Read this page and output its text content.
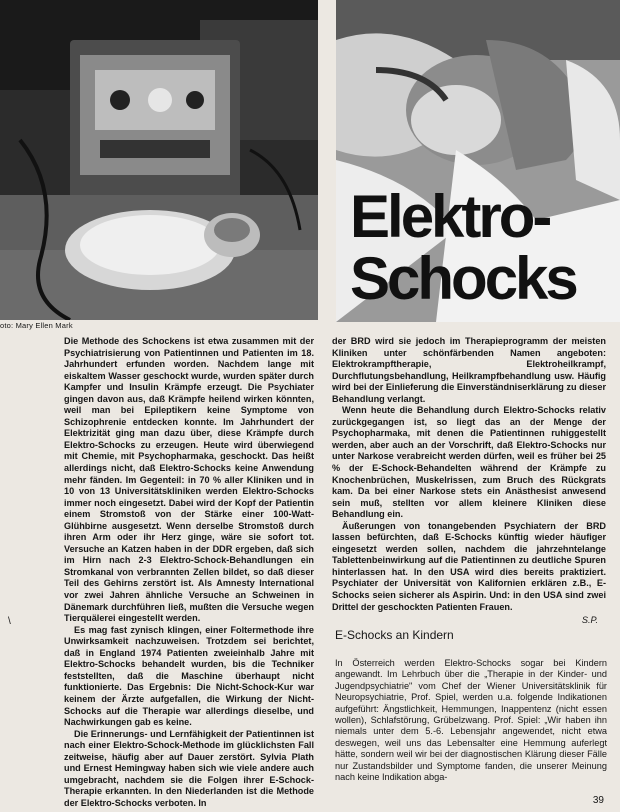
oto: Mary Ellen Mark
Elektro-
Schocks

Die Methode des Schockens ist etwa zusammen mit der Psychiatrisierung von Patientinnen und Patienten im 18. Jahrhundert erfunden worden. Nachdem lange mit eiskaltem Wasser geschockt wurde, wurden später durch Kampfer und Insulin Krämpfe erzeugt. Die Psychiater gingen davon aus, daß Krämpfe heilend wirken könnten, weil man bei Epileptikern keine Symptome von Schizophrenie entdecken konnte. Im Jahrhundert der Elektrizität ging man dazu über, diese Krämpfe durch Elektro-Schocks zu erzeugen. Heute wird überwiegend mit Chemie, mit Psychopharmaka, geschockt. Das heißt allerdings nicht, daß Elektro-Schocks keine Anwendung mehr fänden. Im Gegenteil: in 70 % aller Kliniken und in 10 von 13 Universitätskliniken werden Elektro-Schocks immer noch eingesetzt. Dabei wird der Kopf der Patientin einem Stromstoß von der Stärke einer 100-Watt-Glühbirne ausgesetzt. Wenn derselbe Stromstoß durch ihren Arm oder ihr Herz ginge, wäre sie sofort tot. Versuche an Katzen haben in der DDR ergeben, daß sich im Hirn nach 2-3 Elektro-Schock-Behandlungen ein Stromkanal von verbrannten Zellen bildet, so daß dieser Teil des Gehirns zerstört ist. Als Amnesty International vor zwei Jahren ähnliche Versuche an Schweinen in Dänemark durchführen ließ, mußten die Versuche wegen Tierquälerei eingestellt werden.

Es mag fast zynisch klingen, einer Foltermethode ihre Unwirksamkeit nachzuweisen. Trotzdem sei berichtet, daß in England 1974 Patienten zweieinhalb Jahre mit Elektro-Schocks behandelt wurden, bis die Techniker feststellten, daß die Maschine überhaupt nicht funktionierte. Das Ergebnis: Die Nicht-Schock-Kur war keinem der Ärzte aufgefallen, die Wirkung der Nicht-Schocks auf die Therapie war allerdings dieselbe, und Nachwirkungen gab es keine.

Die Erinnerungs- und Lernfähigkeit der Patientinnen ist nach einer Elektro-Schock-Methode im glücklichsten Fall zeitweise, häufig aber auf Dauer zerstört. Sylvia Plath und Ernest Hemingway haben sich wie viele andere auch umgebracht, nachdem sie die Folgen ihrer E-Schock-Therapie erkannten. In den Niederlanden ist die Methode der Elektro-Schocks verboten. In

\

der BRD wird sie jedoch im Therapieprogramm der meisten Kliniken unter schönfärbenden Namen angeboten: Elektrokrampftherapie, Elektroheilkrampf, Durchflutungsbehandlung, Heilkrampfbehandlung usw. Häufig wird bei der Einlieferung die Einverständniserklärung zu dieser Behandlung verlangt.

Wenn heute die Behandlung durch Elektro-Schocks relativ zurückgegangen ist, so liegt das an der Menge der Psychopharmaka, mit denen die Patientinnen ruhiggestellt werden, aber auch an der Vorschrift, daß Elektro-Schocks nur unter Narkose verabreicht werden dürfen, weil es früher bei 25 % der E-Schock-Behandelten während der Krämpfe zu Knochenbrüchen, Muskelrissen, zum Bruch des Rückgrats kam. Da bei einer Narkose stets ein Anästhesist anwesend sein muß, stellten vor allem kleinere Kliniken diese Behandlung ein.

Äußerungen von tonangebenden Psychiatern der BRD lassen befürchten, daß E-Schocks künftig wieder häufiger eingesetzt werden sollen, nachdem die jahrzehntelange Tablettenbeinwirkung auf die Patientinnen zu deutliche Spuren hinterlassen hat. In den USA wird dies bereits praktiziert. Psychiater der Universität von Kalifornien erklären z.B., E-Schocks seien sicherer als Aspirin. Und: in den USA sind zwei Drittel der geschockten Patienten Frauen.

S.P.
E-Schocks an Kindern

In Österreich werden Elektro-Schocks sogar bei Kindern angewandt. Im Lehrbuch über die „Therapie in der Kinder- und Jugendpsychiatrie" vom Chef der Wiener Universitätsklinik für Neuropsychiatrie, Prof. Spiel, werden u.a. folgende Indikationen aufgeführt: Ängstlichkeit, Hemmungen, Inappentenz (nicht essen wollen), Schlafstörung, Grübelzwang. Prof. Spiel: „Wir haben ihn niemals unter dem 5.-6. Lebensjahr angewendet, nicht etwa deswegen, weil uns das Lebensalter eine Hemmung auferlegt hätte, sondern weil wir bei der diagnostischen Klärung dieser Fälle nur Zustandsbilder und Symptome fanden, die unserer Meinung nach keine Indikation abga-

39
